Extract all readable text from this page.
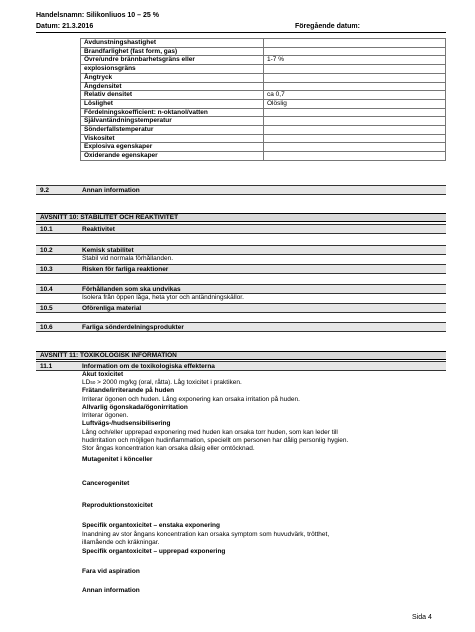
Handelsnamn: Silikonliuos 10 – 25 %
Datum: 21.3.2016	Föregående datum:
Avdunstningshastighet	
Brandfarlighet (fast form, gas)	
Övre/undre brännbarhetsgräns eller	1-7 %
explosionsgräns	
Ångtryck	
Ångdensitet	
Relativ densitet	ca 0,7
Löslighet	Olöslig
Fördelningskoefficient: n-oktanol/vatten	
Självantändningstemperatur	
Sönderfallstemperatur	
Viskositet	
Explosiva egenskaper	
Oxiderande egenskaper	
9.2	Annan information
AVSNITT 10: STABILITET OCH REAKTIVITET
10.1	Reaktivitet
10.2	Kemisk stabilitet
Stabil vid normala förhållanden.
10.3	Risken för farliga reaktioner
10.4	Förhållanden som ska undvikas
Isolera från öppen låga, heta ytor och antändningskällor.
10.5	Oförenliga material
10.6	Farliga sönderdelningsprodukter
AVSNITT 11: TOXIKOLOGISK INFORMATION
11.1	Information om de toxikologiska effekterna
Akut toxicitet
LD50 > 2000 mg/kg (oral, råtta). Låg toxicitet i praktiken.
Frätande/irriterande på huden
Irriterar ögonen och huden. Lång exponering kan orsaka irritation på huden.
Allvarlig ögonskada/ögonirritation
Irriterar ögonen.
Luftvägs-/hudsensibilisering
Lång och/eller upprepad exponering med huden kan orsaka torr huden, som kan leder till
hudirritation och möjligen hudinflammation, speciellt om personen har dålig personlig hygien.
Stor ångas koncentration kan orsaka dåsig eller omtöcknad.
Mutagenitet i könceller
Cancerogenitet
Reproduktionstoxicitet
Specifik organtoxicitet – enstaka exponering
Inandning av stor ångans koncentration kan orsaka symptom som huvudvärk, trötthet,
illamående och kräkningar.
Specifik organtoxicitet – upprepad exponering
Fara vid aspiration
Annan information
Sida 4
